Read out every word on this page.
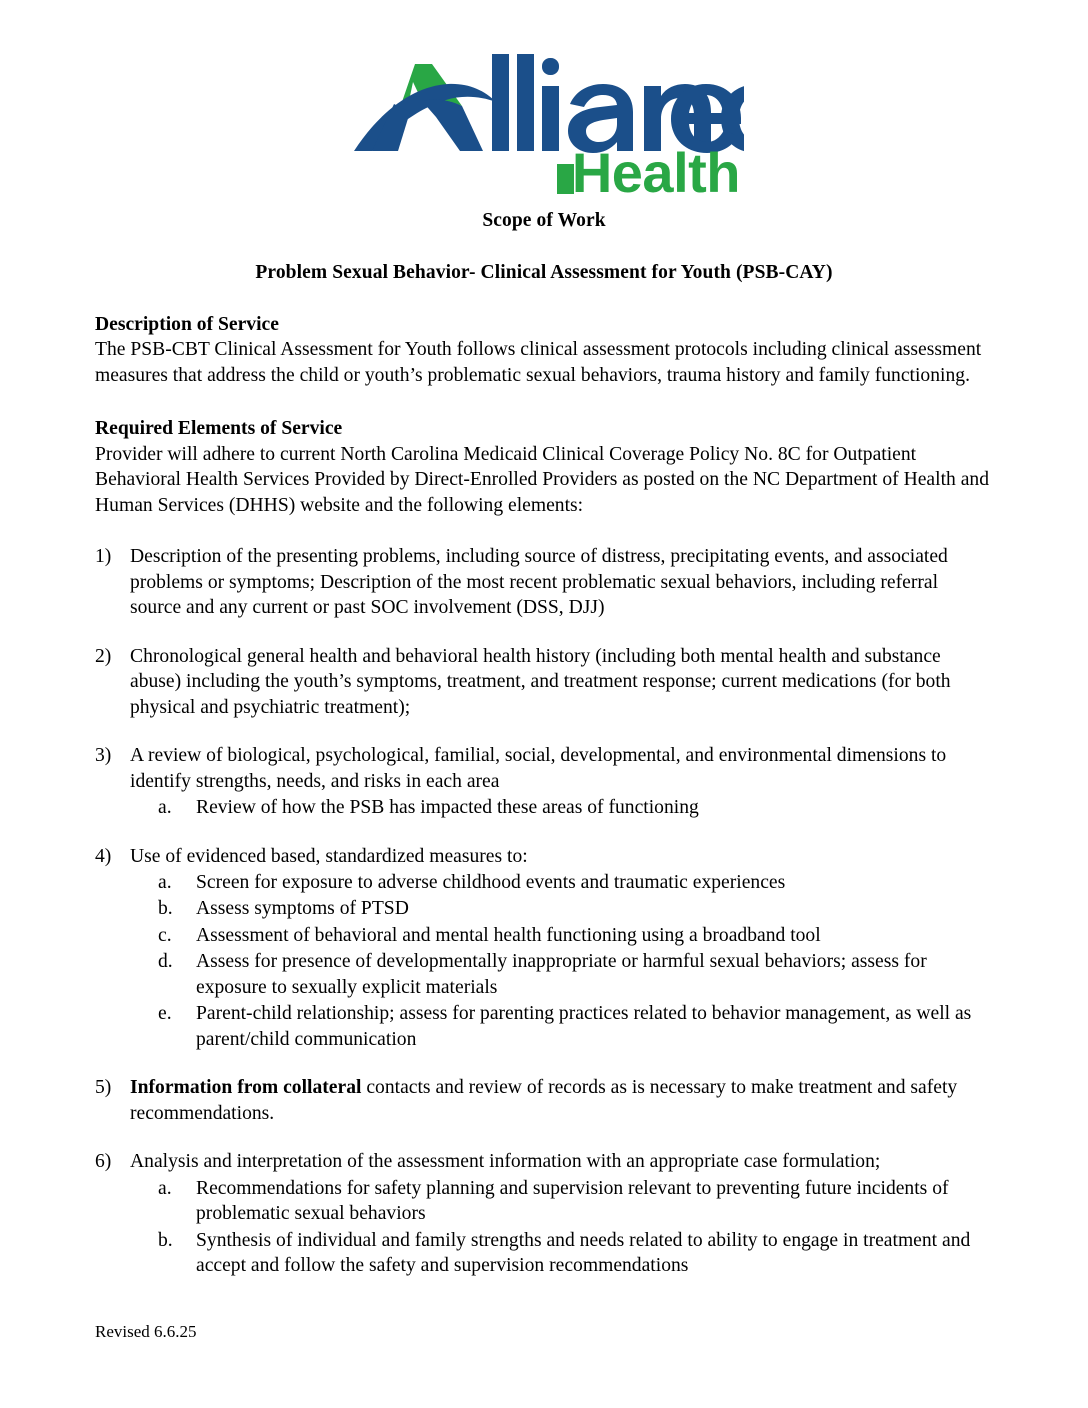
Health
Scope of Work
Problem Sexual Behavior- Clinical Assessment for Youth (PSB-CAY)
Description of Service

The PSB-CBT Clinical Assessment for Youth follows clinical assessment protocols including clinical assessment measures that address the child or youth’s problematic sexual behaviors, trauma history and family functioning.

Required Elements of Service

Provider will adhere to current North Carolina Medicaid Clinical Coverage Policy No. 8C for Outpatient Behavioral Health Services Provided by Direct-Enrolled Providers as posted on the NC Department of Health and Human Services (DHHS) website and the following elements:

1) Description of the presenting problems, including source of distress, precipitating events, and associated problems or symptoms; Description of the most recent problematic sexual behaviors, including referral source and any current or past SOC involvement (DSS, DJJ)
2) Chronological general health and behavioral health history (including both mental health and substance abuse) including the youth’s symptoms, treatment, and treatment response; current medications (for both physical and psychiatric treatment);
3) A review of biological, psychological, familial, social, developmental, and environmental dimensions to identify strengths, needs, and risks in each area
a.	Review of how the PSB has impacted these areas of functioning
4) Use of evidenced based, standardized measures to:
a.	Screen for exposure to adverse childhood events and traumatic experiences
b.	Assess symptoms of PTSD
c.	Assessment of behavioral and mental health functioning using a broadband tool
d.	Assess for presence of developmentally inappropriate or harmful sexual behaviors; assess for exposure to sexually explicit materials
e.	Parent-child relationship; assess for parenting practices related to behavior management, as well as parent/child communication
5) Information from collateral contacts and review of records as is necessary to make treatment and safety recommendations.
6) Analysis and interpretation of the assessment information with an appropriate case formulation;
a.	Recommendations for safety planning and supervision relevant to preventing future incidents of problematic sexual behaviors
b.	Synthesis of individual and family strengths and needs related to ability to engage in treatment and accept and follow the safety and supervision recommendations
Revised 6.6.25
